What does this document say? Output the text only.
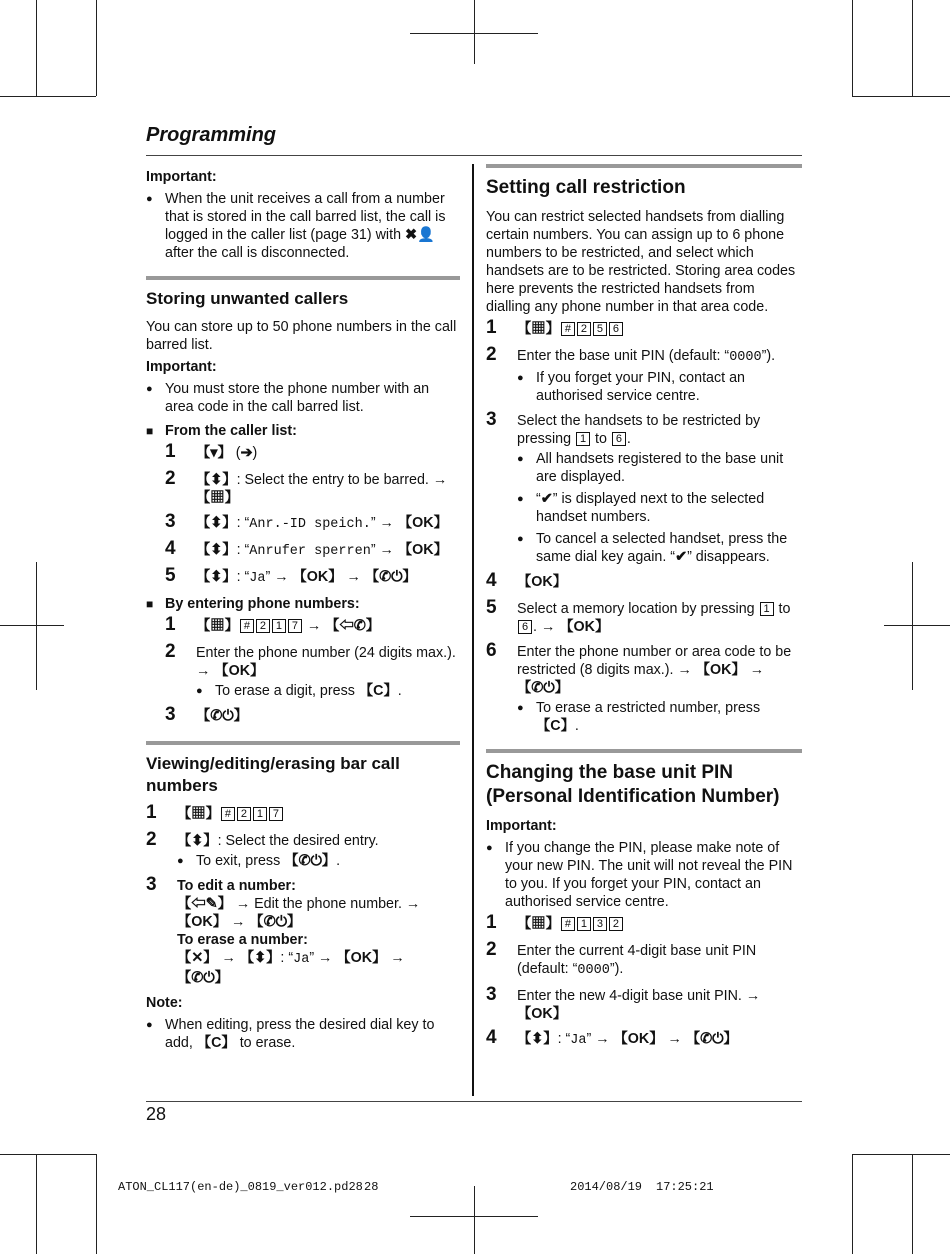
Programming
Important:
● When the unit receives a call from a number that is stored in the call barred list, the call is logged in the caller list (page 31) with ✖👤 after the call is disconnected.
Storing unwanted callers
You can store up to 50 phone numbers in the call barred list.
Important:
● You must store the phone number with an area code in the call barred list.
■ From the caller list:
1 【▾】 (➔)
2 【⬍】: Select the entry to be barred. → 【▦】
3 【⬍】: “Anr.-ID speich.” → 【OK】
4 【⬍】: “Anrufer sperren” → 【OK】
5 【⬍】: “Ja” → 【OK】 → 【✆⏻】
■ By entering phone numbers:
1 【▦】 # 2 1 7 → 【⇦✆】
2 Enter the phone number (24 digits max.). → 【OK】
● To erase a digit, press 【C】.
3 【✆⏻】
Viewing/editing/erasing bar call numbers
1 【▦】 # 2 1 7
2 【⬍】: Select the desired entry.
● To exit, press 【✆⏻】.
3 To edit a number:
【⇦✎】 → Edit the phone number. → 【OK】 → 【✆⏻】
To erase a number:
【✕】 → 【⬍】: “Ja” → 【OK】 → 【✆⏻】
Note:
● When editing, press the desired dial key to add, 【C】 to erase.
Setting call restriction
You can restrict selected handsets from dialling certain numbers. You can assign up to 6 phone numbers to be restricted, and select which handsets are to be restricted. Storing area codes here prevents the restricted handsets from dialling any phone number in that area code.
1 【▦】 # 2 5 6
2 Enter the base unit PIN (default: “0000”).
● If you forget your PIN, contact an authorised service centre.
3 Select the handsets to be restricted by pressing 1 to 6 .
● All handsets registered to the base unit are displayed.
● “✔” is displayed next to the selected handset numbers.
● To cancel a selected handset, press the same dial key again. “✔” disappears.
4 【OK】
5 Select a memory location by pressing 1 to 6 . → 【OK】
6 Enter the phone number or area code to be restricted (8 digits max.). → 【OK】 → 【✆⏻】
● To erase a restricted number, press 【C】.
Changing the base unit PIN (Personal Identification Number)
Important:
● If you change the PIN, please make note of your new PIN. The unit will not reveal the PIN to you. If you forget your PIN, contact an authorised service centre.
1 【▦】 # 1 3 2
2 Enter the current 4-digit base unit PIN (default: “0000”).
3 Enter the new 4-digit base unit PIN. → 【OK】
4 【⬍】: “Ja” → 【OK】 → 【✆⏻】
28
ATON_CL117(en-de)_0819_ver012.pd28 28	2014/08/19 17:25:21
